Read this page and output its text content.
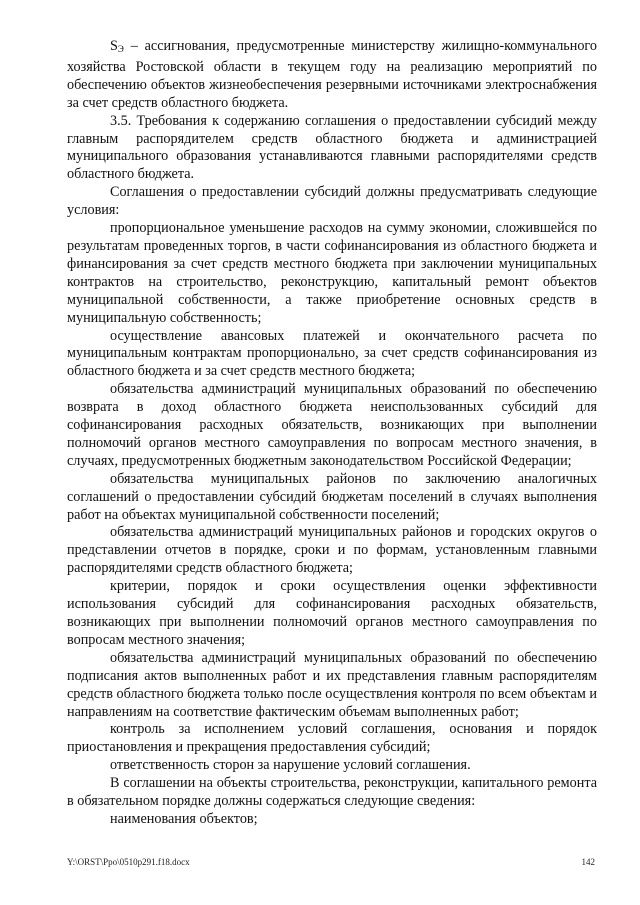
$S_Э$ – ассигнования, предусмотренные министерству жилищно-коммунального хозяйства Ростовской области в текущем году на реализацию мероприятий по обеспечению объектов жизнеобеспечения резервными источниками электроснабжения за счет средств областного бюджета.

3.5. Требования к содержанию соглашения о предоставлении субсидий между главным распорядителем средств областного бюджета и администрацией муниципального образования устанавливаются главными распорядителями средств областного бюджета.

Соглашения о предоставлении субсидий должны предусматривать следующие условия:

пропорциональное уменьшение расходов на сумму экономии, сложившейся по результатам проведенных торгов, в части софинансирования из областного бюджета и финансирования за счет средств местного бюджета при заключении муниципальных контрактов на строительство, реконструкцию, капитальный ремонт объектов муниципальной собственности, а также приобретение основных средств в муниципальную собственность;

осуществление авансовых платежей и окончательного расчета по муниципальным контрактам пропорционально, за счет средств софинансирования из областного бюджета и за счет средств местного бюджета;

обязательства администраций муниципальных образований по обеспечению возврата в доход областного бюджета неиспользованных субсидий для софинансирования расходных обязательств, возникающих при выполнении полномочий органов местного самоуправления по вопросам местного значения, в случаях, предусмотренных бюджетным законодательством Российской Федерации;

обязательства муниципальных районов по заключению аналогичных соглашений о предоставлении субсидий бюджетам поселений в случаях выполнения работ на объектах муниципальной собственности поселений;

обязательства администраций муниципальных районов и городских округов о представлении отчетов в порядке, сроки и по формам, установленным главными распорядителями средств областного бюджета;

критерии, порядок и сроки осуществления оценки эффективности использования субсидий для софинансирования расходных обязательств, возникающих при выполнении полномочий органов местного самоуправления по вопросам местного значения;

обязательства администраций муниципальных образований по обеспечению подписания актов выполненных работ и их представления главным распорядителям средств областного бюджета только после осуществления контроля по всем объектам и направлениям на соответствие фактическим объемам выполненных работ;

контроль за исполнением условий соглашения, основания и порядок приостановления и прекращения предоставления субсидий;

ответственность сторон за нарушение условий соглашения.

В соглашении на объекты строительства, реконструкции, капитального ремонта в обязательном порядке должны содержаться следующие сведения:

наименования объектов;

Y:\ORST\Ppo\0510p291.f18.docx	142
